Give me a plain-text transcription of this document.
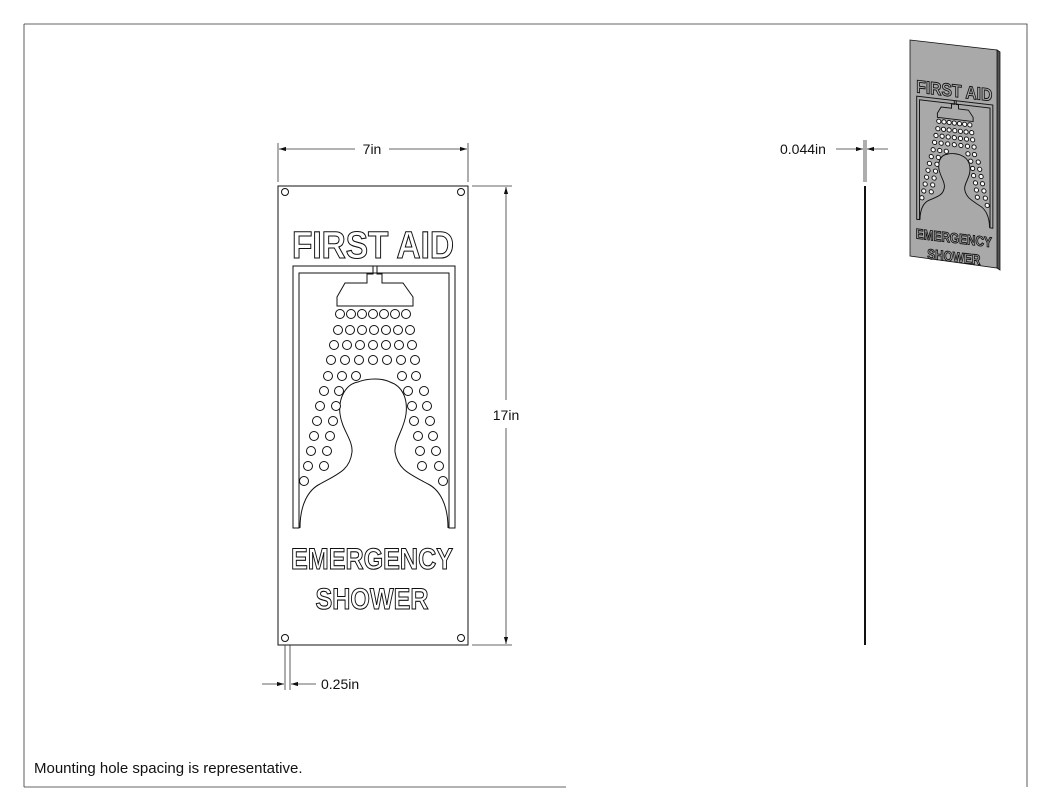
FIRST AID
EMERGENCY
SHOWER
7in
17in
0.25in
0.044in
FIRST AID
EMERGENCY
SHOWER
Mounting hole spacing is representative.
